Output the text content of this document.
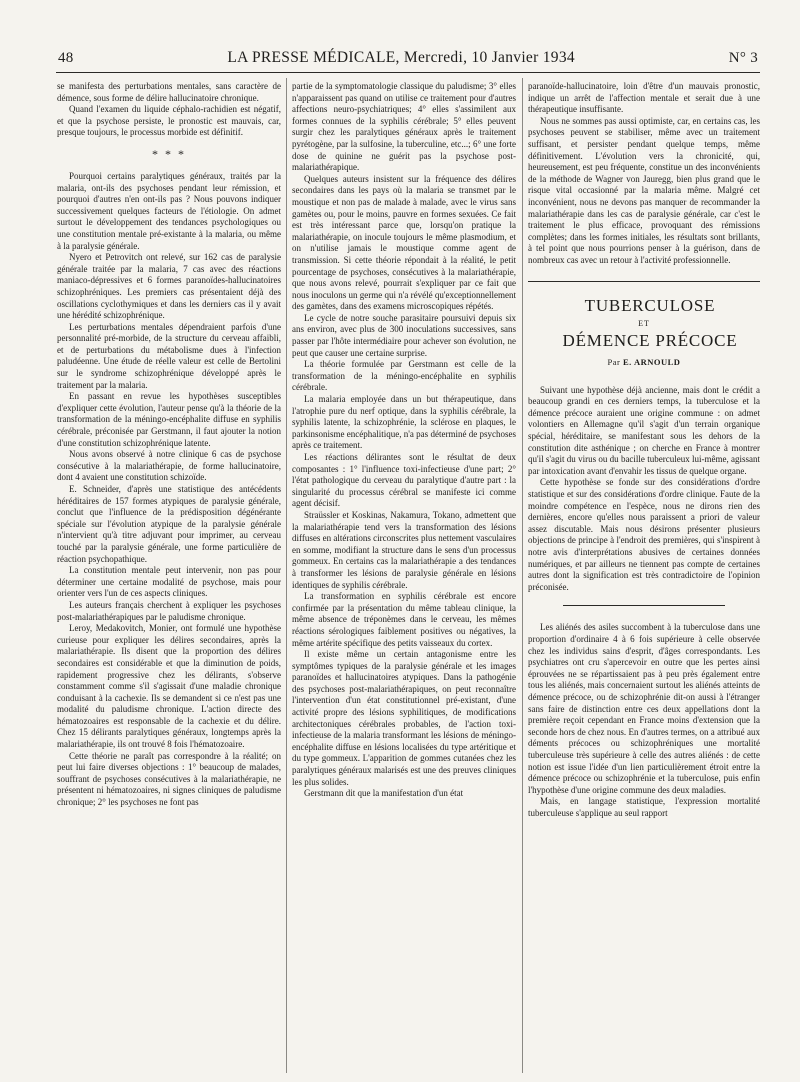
48	LA PRESSE MÉDICALE, Mercredi, 10 Janvier 1934	N° 3

se manifesta des perturbations mentales, sans caractère de démence, sous forme de délire hallucinatoire chronique.

Quand l'examen du liquide céphalo-rachidien est négatif, et que la psychose persiste, le pronostic est mauvais, car, presque toujours, le processus morbide est définitif.

* * *

Pourquoi certains paralytiques généraux, traités par la malaria, ont-ils des psychoses pendant leur rémission, et pourquoi d'autres n'en ont-ils pas ? Nous pouvons indiquer successivement quelques facteurs de l'étiologie. On admet surtout le développement des tendances psychologiques ou une constitution mentale pré-existante à la malaria, ou même à la paralysie générale.

Nyero et Petrovitch ont relevé, sur 162 cas de paralysie générale traitée par la malaria, 7 cas avec des réactions maniaco-dépressives et 6 formes paranoïdes-hallucinatoires schizophréniques. Les premiers cas présentaient déjà des oscillations cyclothymiques et dans les derniers cas il y avait une hérédité schizophrénique.

Les perturbations mentales dépendraient parfois d'une personnalité pré-morbide, de la structure du cerveau affaibli, et de perturbations du métabolisme dues à l'infection paludéenne. Une étude de réelle valeur est celle de Bertolini sur le syndrome schizophrénique développé après le traitement par la malaria.

En passant en revue les hypothèses susceptibles d'expliquer cette évolution, l'auteur pense qu'à la théorie de la transformation de la méningo-encéphalite diffuse en syphilis cérébrale, préconisée par Gerstmann, il faut ajouter la notion d'une constitution schizophrénique latente.

Nous avons observé à notre clinique 6 cas de psychose consécutive à la malariathérapie, de forme hallucinatoire, dont 4 avaient une constitution schizoïde.

E. Schneider, d'après une statistique des antécédents héréditaires de 157 formes atypiques de paralysie générale, conclut que l'influence de la prédisposition dégénérante spéciale sur l'évolution atypique de la paralysie générale n'intervient qu'à titre adjuvant pour imprimer, au cerveau touché par la paralysie générale, une forme particulière de réaction psychopathique.

La constitution mentale peut intervenir, non pas pour déterminer une certaine modalité de psychose, mais pour orienter vers l'un de ces aspects cliniques.

Les auteurs français cherchent à expliquer les psychoses post-malariathérapiques par le paludisme chronique.

Leroy, Medakovitch, Monier, ont formulé une hypothèse curieuse pour expliquer les délires secondaires, après la malariathérapie. Ils disent que la proportion des délires secondaires est considérable et que la diminution de poids, rapidement progressive chez les délirants, s'observe constamment comme s'il s'agissait d'une maladie chronique conduisant à la cachexie. Ils se demandent si ce n'est pas une modalité du paludisme chronique. L'action directe des hématozoaires est responsable de la cachexie et du délire. Chez 15 délirants paralytiques généraux, longtemps après la malariathérapie, ils ont trouvé 8 fois l'hématozoaire.

Cette théorie ne paraît pas correspondre à la réalité; on peut lui faire diverses objections : 1° beaucoup de malades, souffrant de psychoses consécutives à la malariathérapie, ne présentent ni hématozoaires, ni signes cliniques de paludisme chronique; 2° les psychoses ne font pas

partie de la symptomatologie classique du paludisme; 3° elles n'apparaissent pas quand on utilise ce traitement pour d'autres affections neuro-psychiatriques; 4° elles s'assimilent aux formes connues de la syphilis cérébrale; 5° elles peuvent surgir chez les paralytiques généraux après le traitement pyrétogène, par la sulfosine, la tuberculine, etc...; 6° une forte dose de quinine ne guérit pas la psychose post-malariathérapique.

Quelques auteurs insistent sur la fréquence des délires secondaires dans les pays où la malaria se transmet par le moustique et non pas de malade à malade, avec le virus sans gamètes ou, pour le moins, pauvre en formes sexuées. Ce fait est très intéressant parce que, lorsqu'on pratique la malariathérapie, on inocule toujours le même plasmodium, et on n'utilise jamais le moustique comme agent de transmission. Si cette théorie répondait à la réalité, le petit pourcentage de psychoses, consécutives à la malariathérapie, que nous avons relevé, pourrait s'expliquer par ce fait que nous inoculons un germe qui n'a révélé qu'exceptionnellement des gamètes, dans des examens microscopiques répétés.

Le cycle de notre souche parasitaire poursuivi depuis six ans environ, avec plus de 300 inoculations successives, sans passer par l'hôte intermédiaire pour achever son évolution, ne peut que causer une certaine surprise.

La théorie formulée par Gerstmann est celle de la transformation de la méningo-encéphalite en syphilis cérébrale.

La malaria employée dans un but thérapeutique, dans l'atrophie pure du nerf optique, dans la syphilis cérébrale, la syphilis latente, la schizophrénie, la sclérose en plaques, le parkinsonisme encéphalitique, n'a pas déterminé de psychoses après ce traitement.

Les réactions délirantes sont le résultat de deux composantes : 1° l'influence toxi-infectieuse d'une part; 2° l'état pathologique du cerveau du paralytique d'autre part : la singularité du processus cérébral se manifeste ici comme agent décisif.

Straüssler et Koskinas, Nakamura, Tokano, admettent que la malariathérapie tend vers la transformation des lésions diffuses en altérations circonscrites plus nettement vasculaires en somme, modifiant la structure dans le sens d'un processus gommeux. En certains cas la malariathérapie a des tendances à transformer les lésions de paralysie générale en lésions identiques de syphilis cérébrale.

La transformation en syphilis cérébrale est encore confirmée par la présentation du même tableau clinique, la même absence de tréponèmes dans le cerveau, les mêmes réactions sérologiques faiblement positives ou négatives, la même artérite spécifique des petits vaisseaux du cortex.

Il existe même un certain antagonisme entre les symptômes typiques de la paralysie générale et les images paranoïdes et hallucinatoires atypiques. Dans la pathogénie des psychoses post-malariathérapiques, on peut reconnaître l'intervention d'un état constitutionnel pré-existant, d'une activité propre des lésions syphilitiques, de modifications architectoniques cérébrales probables, de l'action toxi-infectieuse de la malaria transformant les lésions de méningo-encéphalite diffuse en lésions localisées du type artéritique et du type gommeux. L'apparition de gommes cutanées chez les paralytiques généraux malarisés est une des preuves cliniques les plus solides.

Gerstmann dit que la manifestation d'un état

paranoïde-hallucinatoire, loin d'être d'un mauvais pronostic, indique un arrêt de l'affection mentale et serait due à une thérapeutique insuffisante.

Nous ne sommes pas aussi optimiste, car, en certains cas, les psychoses peuvent se stabiliser, même avec un traitement suffisant, et persister pendant quelque temps, même définitivement. L'évolution vers la chronicité, qui, heureusement, est peu fréquente, constitue un des inconvénients de la méthode de Wagner von Jauregg, bien plus grand que le risque vital occasionné par la malaria même. Malgré cet inconvénient, nous ne devons pas manquer de recommander la malariathérapie dans les cas de paralysie générale, car c'est le traitement le plus efficace, provoquant des rémissions complètes; dans les formes initiales, les résultats sont brillants, à tel point que nous pourrions penser à la guérison, dans de nombreux cas avec un retour à l'activité professionnelle.

TUBERCULOSE

ET

DÉMENCE PRÉCOCE

Par E. ARNOULD

Suivant une hypothèse déjà ancienne, mais dont le crédit a beaucoup grandi en ces derniers temps, la tuberculose et la démence précoce auraient une origine commune : on admet volontiers en Allemagne qu'il s'agit d'un terrain organique spécial, héréditaire, se manifestant sous les dehors de la constitution dite asthénique ; on cherche en France à montrer qu'il s'agit du virus ou du bacille tuberculeux lui-même, agissant par intoxication avant d'envahir les tissus de quelque organe.

Cette hypothèse se fonde sur des considérations d'ordre statistique et sur des considérations d'ordre clinique. Faute de la moindre compétence en l'espèce, nous ne dirons rien des dernières, encore qu'elles nous paraissent a priori de valeur assez discutable. Mais nous désirons présenter plusieurs objections de principe à l'endroit des premières, qui s'inspirent à notre avis d'interprétations abusives de certaines données numériques, et par ailleurs ne tiennent pas compte de certaines autres dont la signification est très contradictoire de l'opinion préconisée.

Les aliénés des asiles succombent à la tuberculose dans une proportion d'ordinaire 4 à 6 fois supérieure à celle observée chez les individus sains d'esprit, d'âges correspondants. Les psychiatres ont cru s'apercevoir en outre que les pertes ainsi éprouvées ne se répartissaient pas à peu près également entre tous les aliénés, mais concernaient surtout les aliénés atteints de démence précoce, ou de schizophrénie dit-on aussi à l'étranger sans faire de distinction entre ces deux appellations dont la première reçoit cependant en France moins d'extension que la seconde hors de chez nous. En d'autres termes, on a attribué aux déments précoces ou schizophréniques une mortalité tuberculeuse très supérieure à celle des autres aliénés : de cette notion est issue l'idée d'un lien particulièrement étroit entre la démence précoce ou schizophrénie et la tuberculose, puis enfin l'hypothèse d'une origine commune des deux maladies.

Mais, en langage statistique, l'expression mortalité tuberculeuse s'applique au seul rapport
